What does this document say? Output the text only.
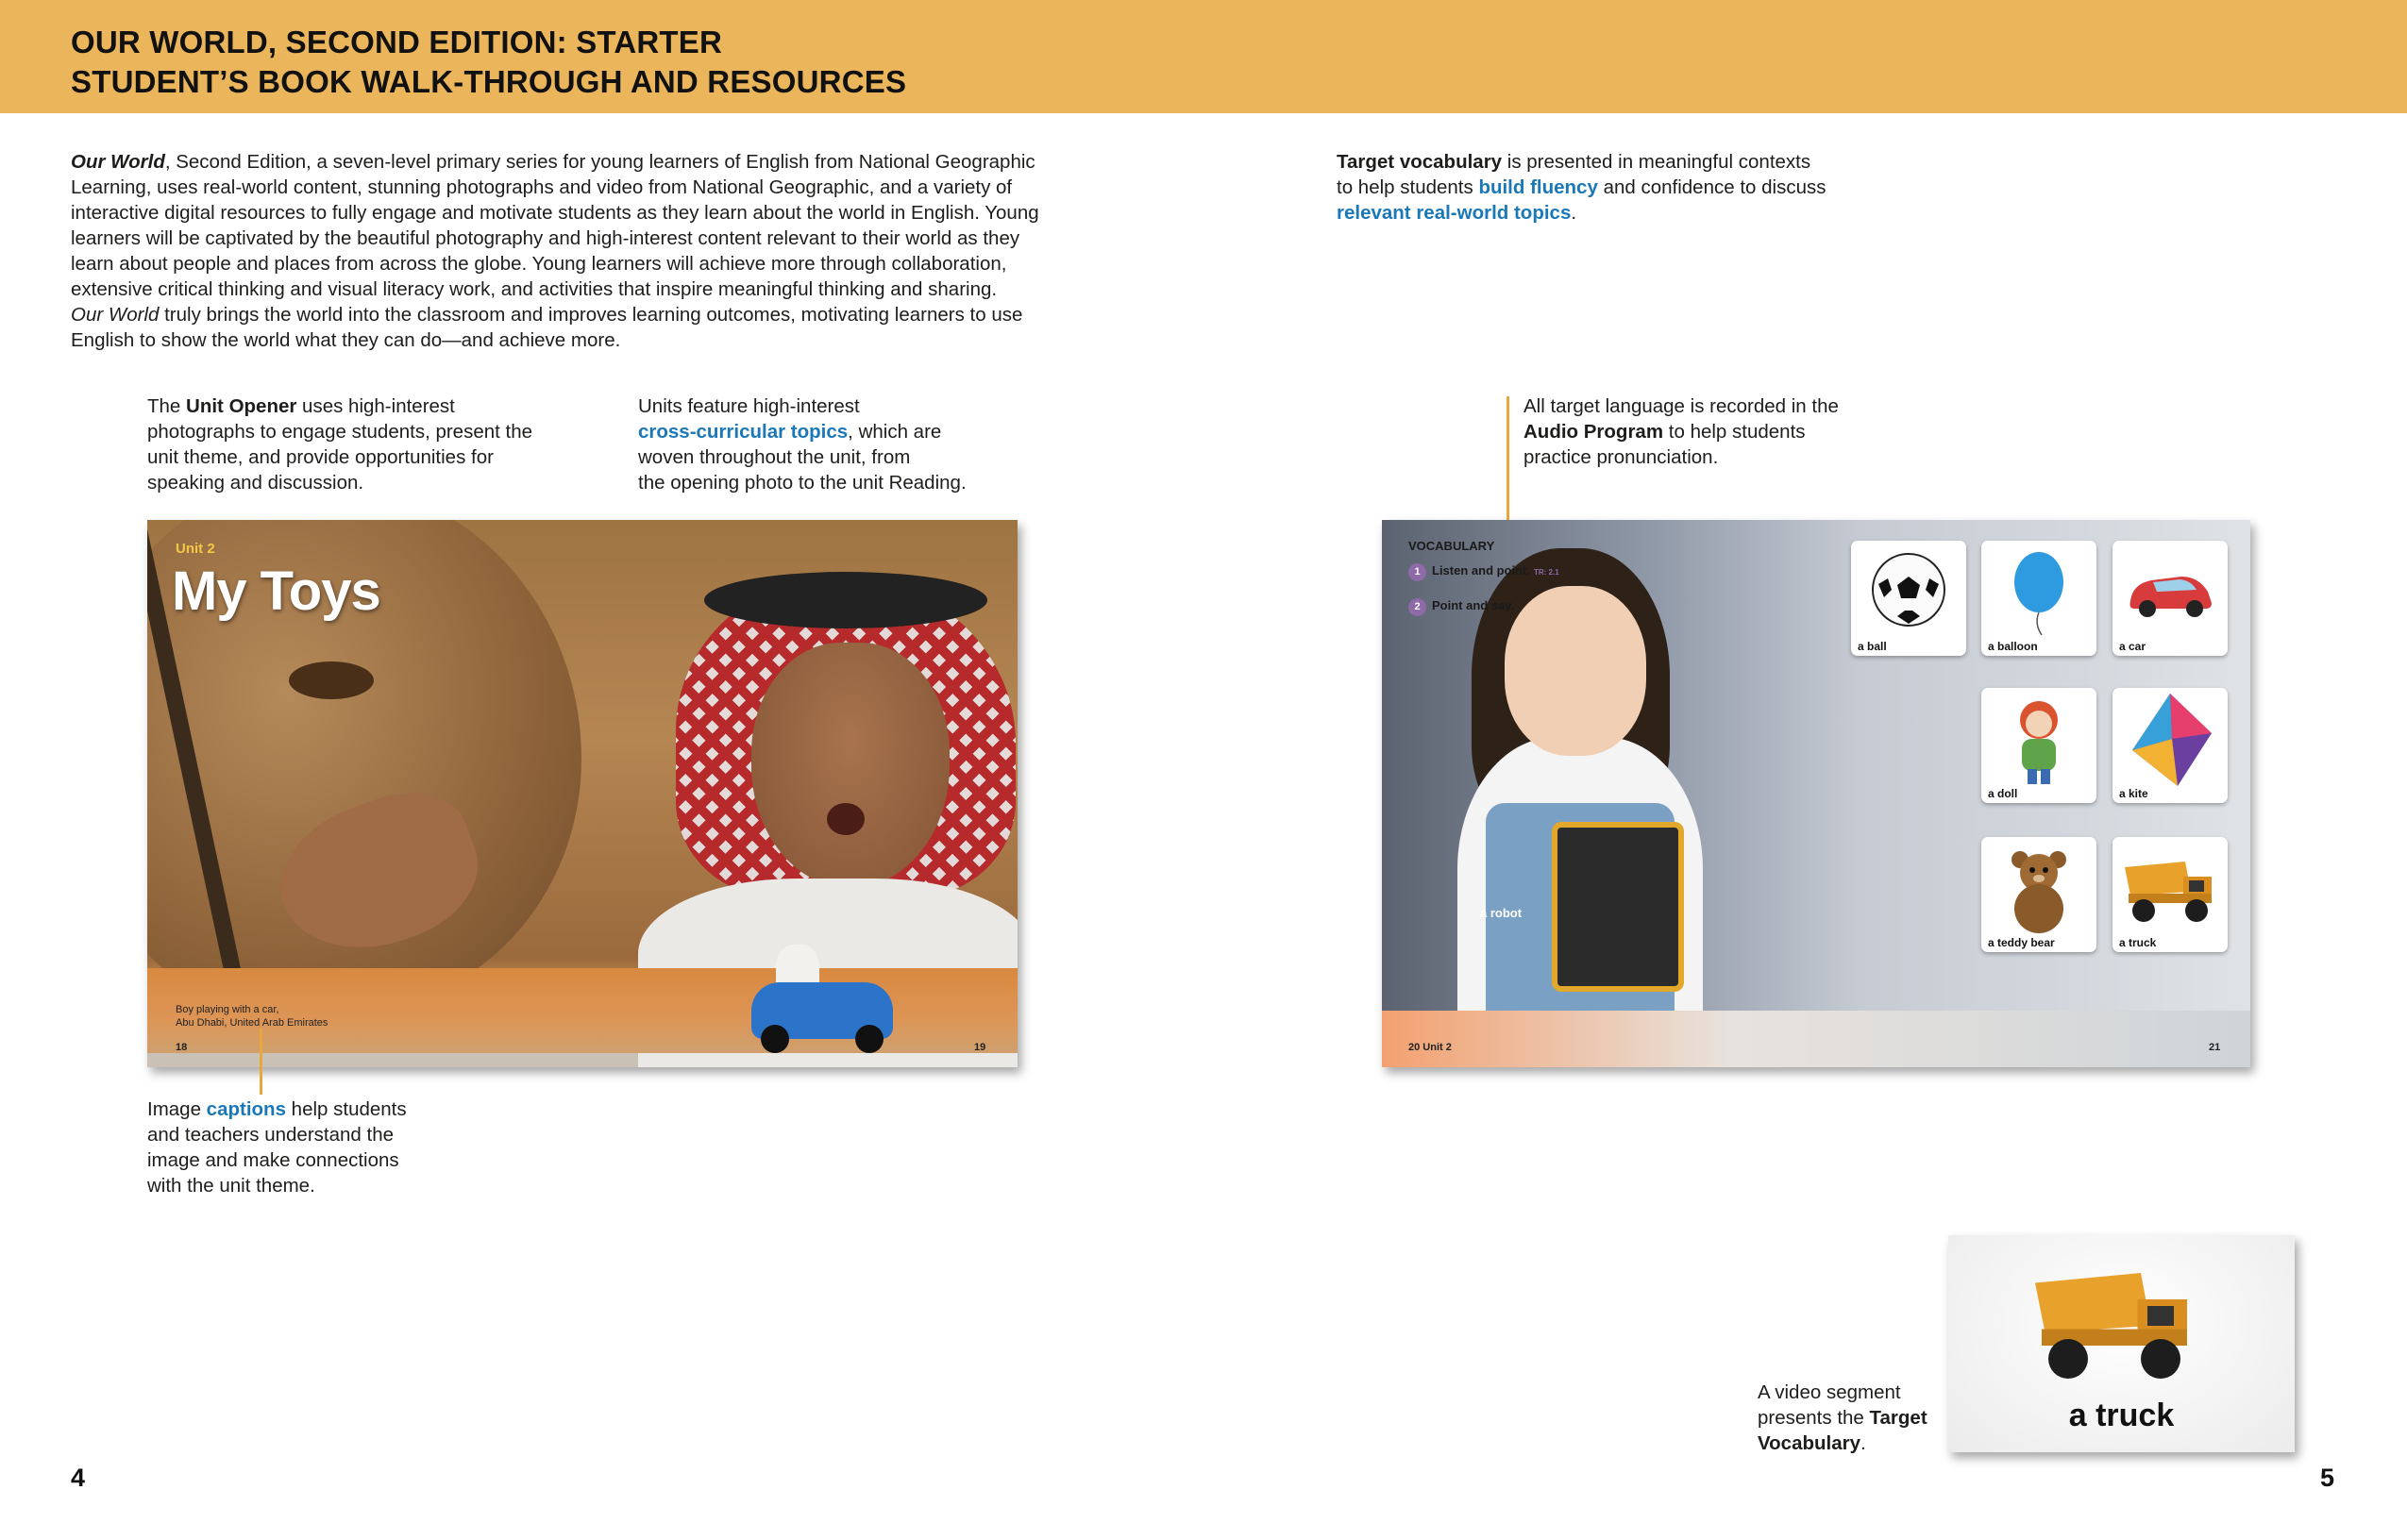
OUR WORLD, SECOND EDITION: STARTER
STUDENT’S BOOK WALK-THROUGH AND RESOURCES
Our World, Second Edition, a seven-level primary series for young learners of English from National Geographic
Learning, uses real-world content, stunning photographs and video from National Geographic, and a variety of
interactive digital resources to fully engage and motivate students as they learn about the world in English. Young
learners will be captivated by the beautiful photography and high-interest content relevant to their world as they
learn about people and places from across the globe. Young learners will achieve more through collaboration,
extensive critical thinking and visual literacy work, and activities that inspire meaningful thinking and sharing.
Our World truly brings the world into the classroom and improves learning outcomes, motivating learners to use
English to show the world what they can do—and achieve more.
Target vocabulary is presented in meaningful contexts
to help students build fluency and confidence to discuss
relevant real-world topics.
The Unit Opener uses high-interest
photographs to engage students, present the
unit theme, and provide opportunities for
speaking and discussion.
Units feature high-interest
cross-curricular topics, which are
woven throughout the unit, from
the opening photo to the unit Reading.
All target language is recorded in the
Audio Program to help students
practice pronunciation.
Unit 2
My Toys
Boy playing with a car,
Abu Dhabi, United Arab Emirates
18	19
Image captions help students
and teachers understand the
image and make connections
with the unit theme.
VOCABULARY
1 Listen and point. TR: 2.1
2 Point and say.
a robot
a ball	a balloon	a car
a doll	a kite
a teddy bear	a truck
20 Unit 2	21
A video segment
presents the Target
Vocabulary.
a truck
4	5
